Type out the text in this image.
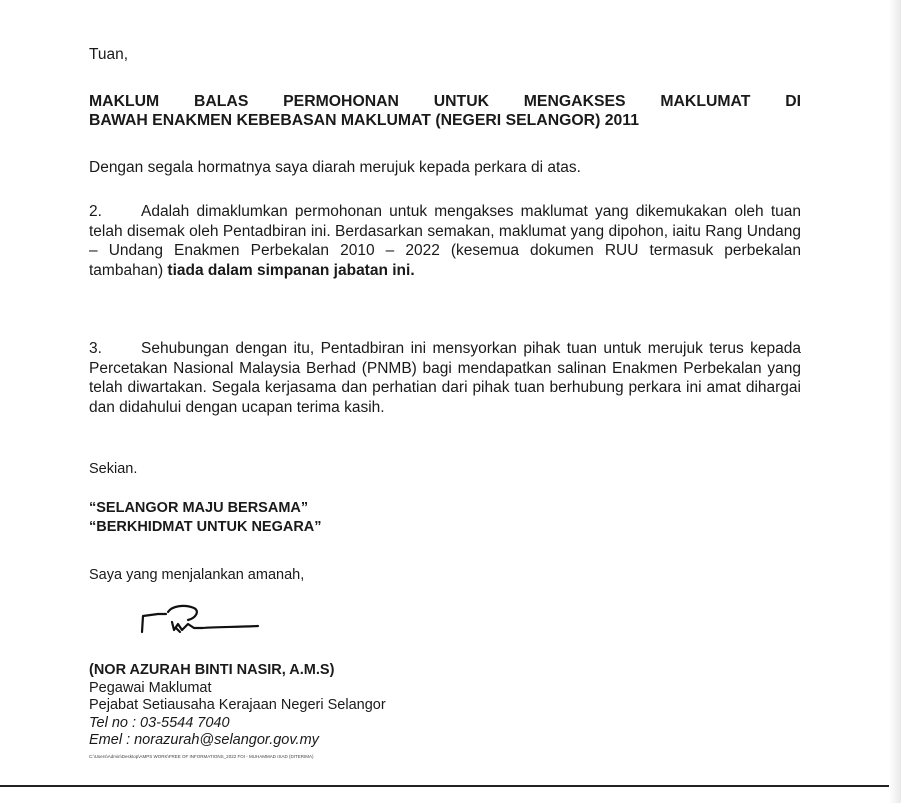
Tuan,

MAKLUM BALAS PERMOHONAN UNTUK MENGAKSES MAKLUMAT DI
BAWAH ENAKMEN KEBEBASAN MAKLUMAT (NEGERI SELANGOR) 2011

Dengan segala hormatnya saya diarah merujuk kepada perkara di atas.

2.	Adalah dimaklumkan permohonan untuk mengakses maklumat yang dikemukakan oleh tuan telah disemak oleh Pentadbiran ini. Berdasarkan semakan, maklumat yang dipohon, iaitu Rang Undang – Undang Enakmen Perbekalan 2010 – 2022 (kesemua dokumen RUU termasuk perbekalan tambahan) tiada dalam simpanan jabatan ini.

3.	Sehubungan dengan itu, Pentadbiran ini mensyorkan pihak tuan untuk merujuk terus kepada Percetakan Nasional Malaysia Berhad (PNMB) bagi mendapatkan salinan Enakmen Perbekalan yang telah diwartakan. Segala kerjasama dan perhatian dari pihak tuan berhubung perkara ini amat dihargai dan didahului dengan ucapan terima kasih.

Sekian.

“SELANGOR MAJU BERSAMA”
“BERKHIDMAT UNTUK NEGARA”

Saya yang menjalankan amanah,

(NOR AZURAH BINTI NASIR, A.M.S)
Pegawai Maklumat
Pejabat Setiausaha Kerajaan Negeri Selangor
Tel no : 03-5544 7040
Emel : norazurah@selangor.gov.my

C:\Users\Admin\Desktop\AMPS WORK\FREE OF INFORMATIONS_2022 FOI - MUHAMMAD ISAD (DITERIMA)
